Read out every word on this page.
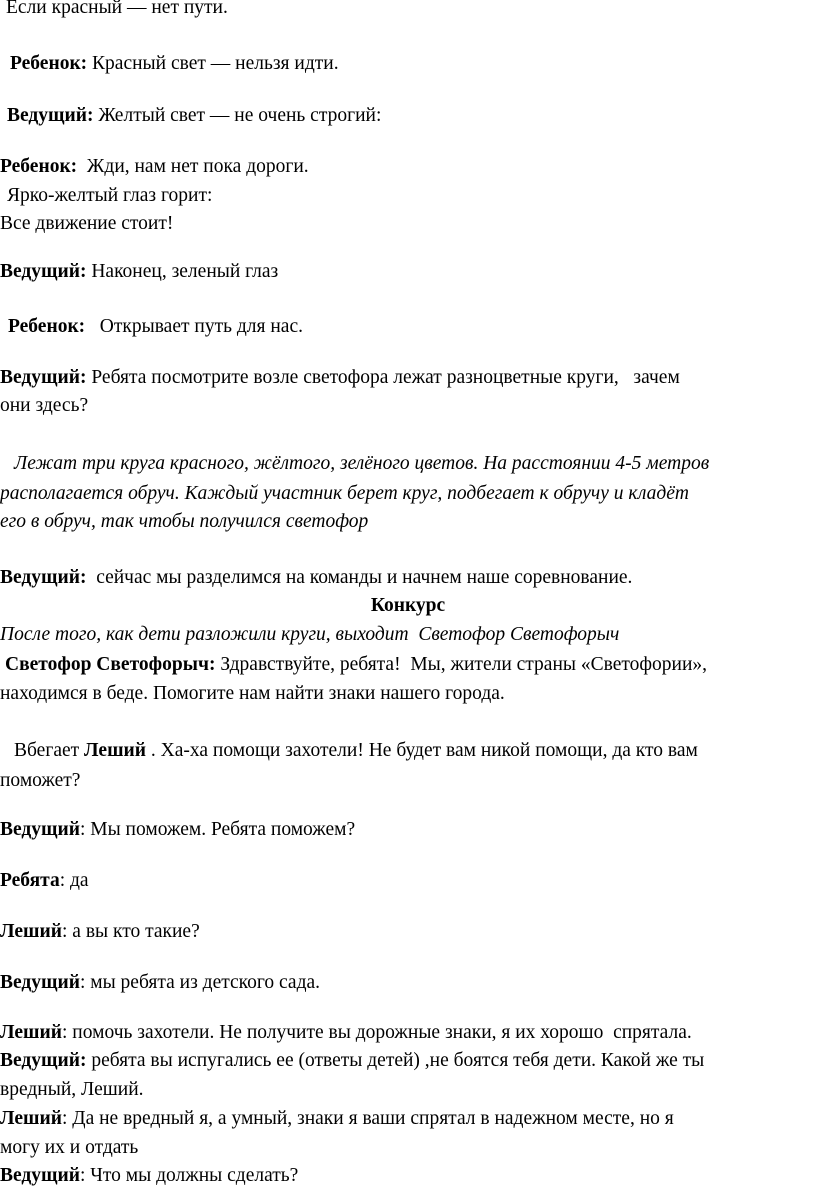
Если красный — нет пути.
Ребенок: Красный свет — нельзя идти.
Ведущий: Желтый свет — не очень строгий:
Ребенок:  Жди, нам нет пока дороги.
Ярко-желтый глаз горит:
Все движение стоит!
Ведущий: Наконец, зеленый глаз
Ребенок:   Открывает путь для нас.
Ведущий: Ребята посмотрите возле светофора лежат разноцветные круги,   зачем
они здесь?
Лежат три круга красного, жёлтого, зелёного цветов. На расстоянии 4-5 метров
располагается обруч. Каждый участник берет круг, подбегает к обручу и кладёт
его в обруч, так чтобы получился светофор
Ведущий:  сейчас мы разделимся на команды и начнем наше соревнование.
Конкурс
После того, как дети разложили круги, выходит  Светофор Светофорыч
Светофор Светофорыч: Здравствуйте, ребята!  Мы, жители страны «Светофории»,
находимся в беде. Помогите нам найти знаки нашего города.
Вбегает Леший . Ха-ха помощи захотели! Не будет вам никой помощи, да кто вам
поможет?
Ведущий: Мы поможем. Ребята поможем?
Ребята: да
Леший: а вы кто такие?
Ведущий: мы ребята из детского сада.
Леший: помочь захотели. Не получите вы дорожные знаки, я их хорошо  спрятала.
Ведущий: ребята вы испугались ее (ответы детей) ,не боятся тебя дети. Какой же ты
вредный, Леший.
Леший: Да не вредный я, а умный, знаки я ваши спрятал в надежном месте, но я
могу их и отдать
Ведущий: Что мы должны сделать?
